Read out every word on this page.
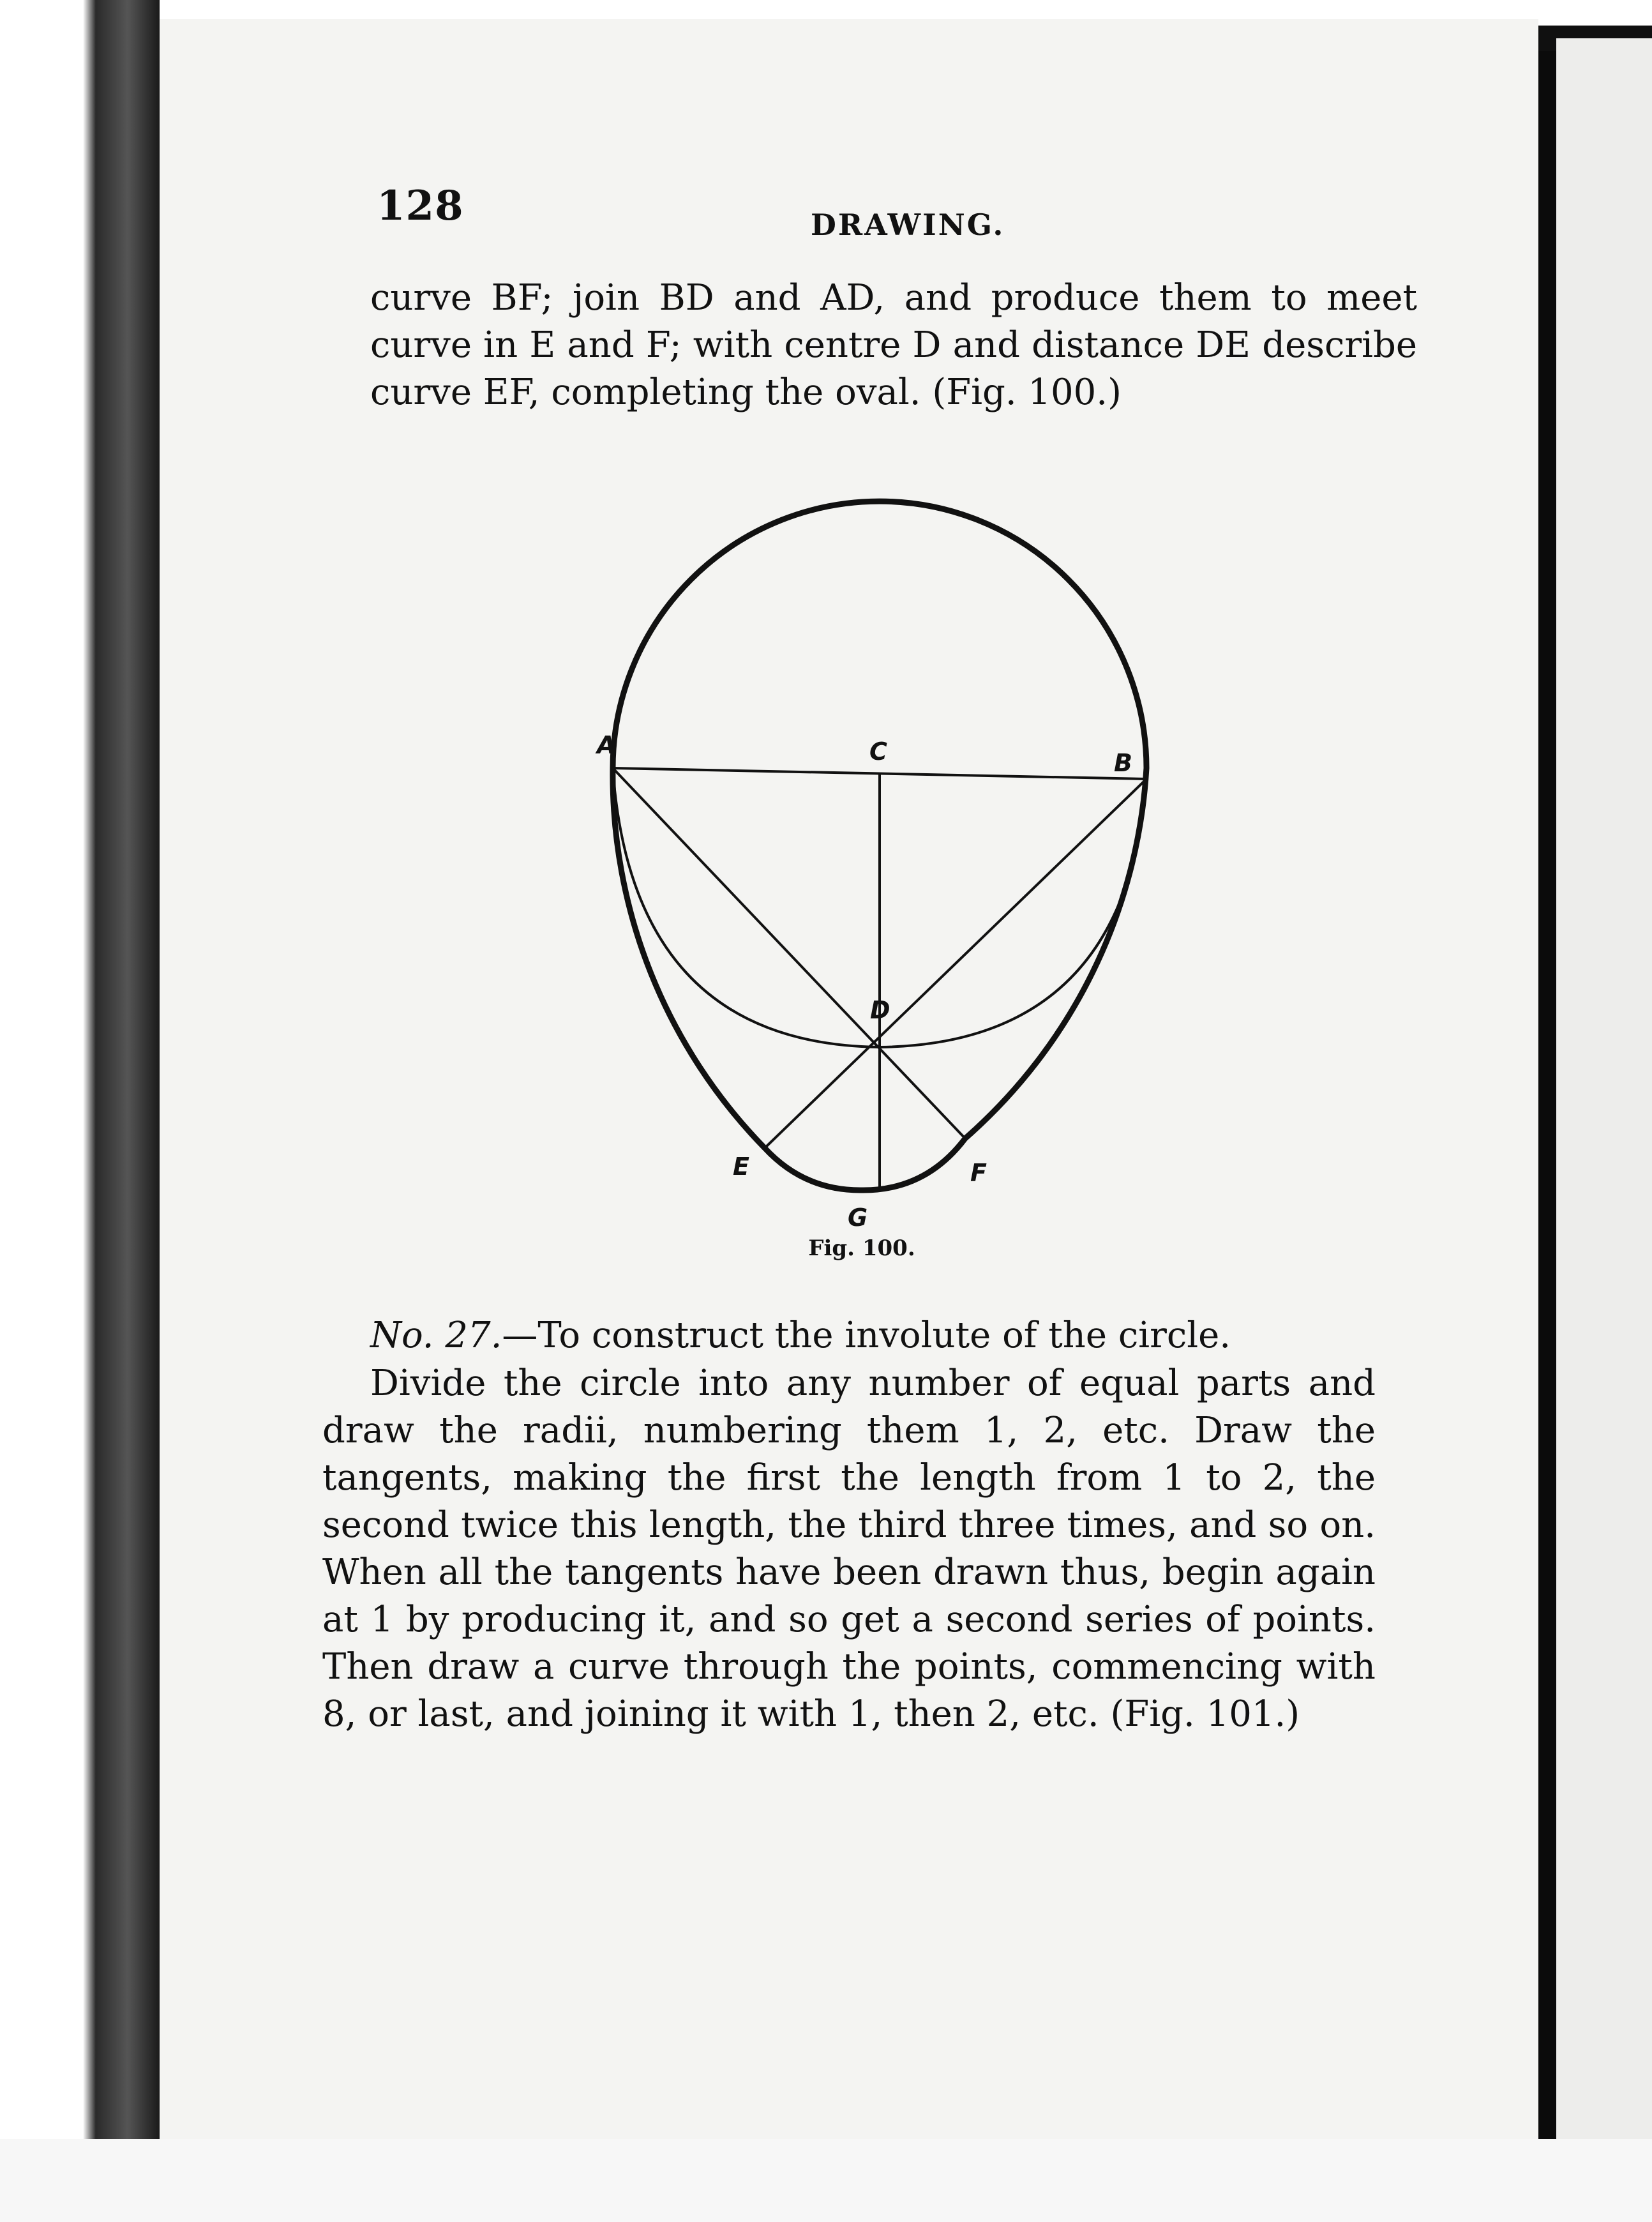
128	DRAWING.

curve BF; join BD and AD, and produce them to meet curve in E and F; with centre D and distance DE describe curve EF, completing the oval. (Fig. 100.)

A	C	B
D
E	F
G
Fig. 100.

No. 27.—To construct the involute of the circle.

Divide the circle into any number of equal parts and draw the radii, numbering them 1, 2, etc. Draw the tangents, making the first the length from 1 to 2, the second twice this length, the third three times, and so on. When all the tangents have been drawn thus, begin again at 1 by producing it, and so get a second series of points. Then draw a curve through the points, commencing with 8, or last, and joining it with 1, then 2, etc. (Fig. 101.)
